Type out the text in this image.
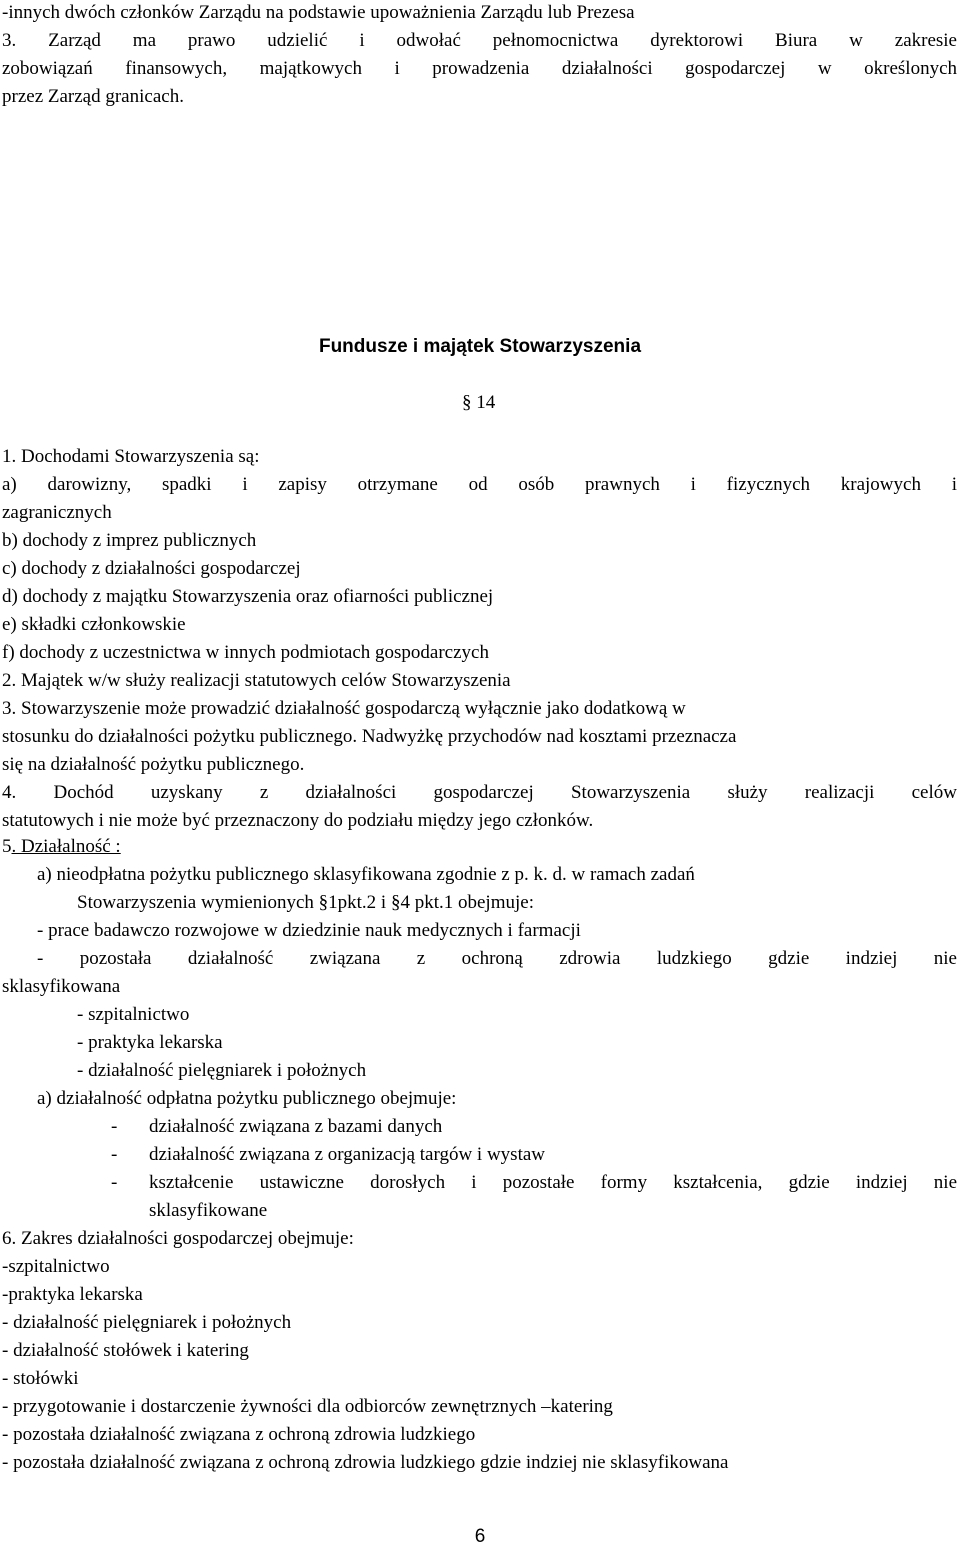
-innych dwóch członków Zarządu na podstawie upoważnienia Zarządu lub Prezesa
3. Zarząd ma prawo udzielić i odwołać pełnomocnictwa dyrektorowi Biura w zakresie
zobowiązań finansowych, majątkowych i prowadzenia działalności gospodarczej w określonych
przez Zarząd granicach.
Fundusze i majątek Stowarzyszenia
§ 14
1. Dochodami Stowarzyszenia są:
a) darowizny, spadki i zapisy otrzymane od osób prawnych i fizycznych krajowych i
zagranicznych
b) dochody z imprez publicznych
c) dochody z działalności gospodarczej
d) dochody z majątku Stowarzyszenia oraz ofiarności publicznej
e) składki członkowskie
f) dochody z uczestnictwa w innych podmiotach gospodarczych
2. Majątek w/w służy realizacji statutowych celów Stowarzyszenia
3. Stowarzyszenie może prowadzić działalność gospodarczą wyłącznie jako dodatkową w
stosunku do działalności pożytku publicznego. Nadwyżkę przychodów nad kosztami przeznacza
się na działalność pożytku publicznego.
4. Dochód uzyskany z działalności gospodarczej Stowarzyszenia służy realizacji celów
statutowych i nie może być przeznaczony do podziału między jego członków.
5. Działalność :
a) nieodpłatna pożytku publicznego sklasyfikowana zgodnie z p. k. d. w ramach zadań
Stowarzyszenia wymienionych §1pkt.2 i §4 pkt.1 obejmuje:
- prace badawczo rozwojowe w dziedzinie nauk medycznych i farmacji
- pozostała działalność związana z ochroną zdrowia ludzkiego gdzie indziej nie
sklasyfikowana
- szpitalnictwo
- praktyka lekarska
- działalność pielęgniarek i położnych
a) działalność odpłatna pożytku publicznego obejmuje:
- działalność związana z bazami danych
- działalność związana z organizacją targów i wystaw
-	kształcenie ustawiczne dorosłych i pozostałe formy kształcenia, gdzie indziej nie
sklasyfikowane
6. Zakres działalności gospodarczej obejmuje:
-szpitalnictwo
-praktyka lekarska
- działalność pielęgniarek i położnych
- działalność stołówek i katering
- stołówki
- przygotowanie i dostarczenie żywności dla odbiorców zewnętrznych –katering
- pozostała działalność związana z ochroną zdrowia ludzkiego
- pozostała działalność związana z ochroną zdrowia ludzkiego gdzie indziej nie sklasyfikowana
6
